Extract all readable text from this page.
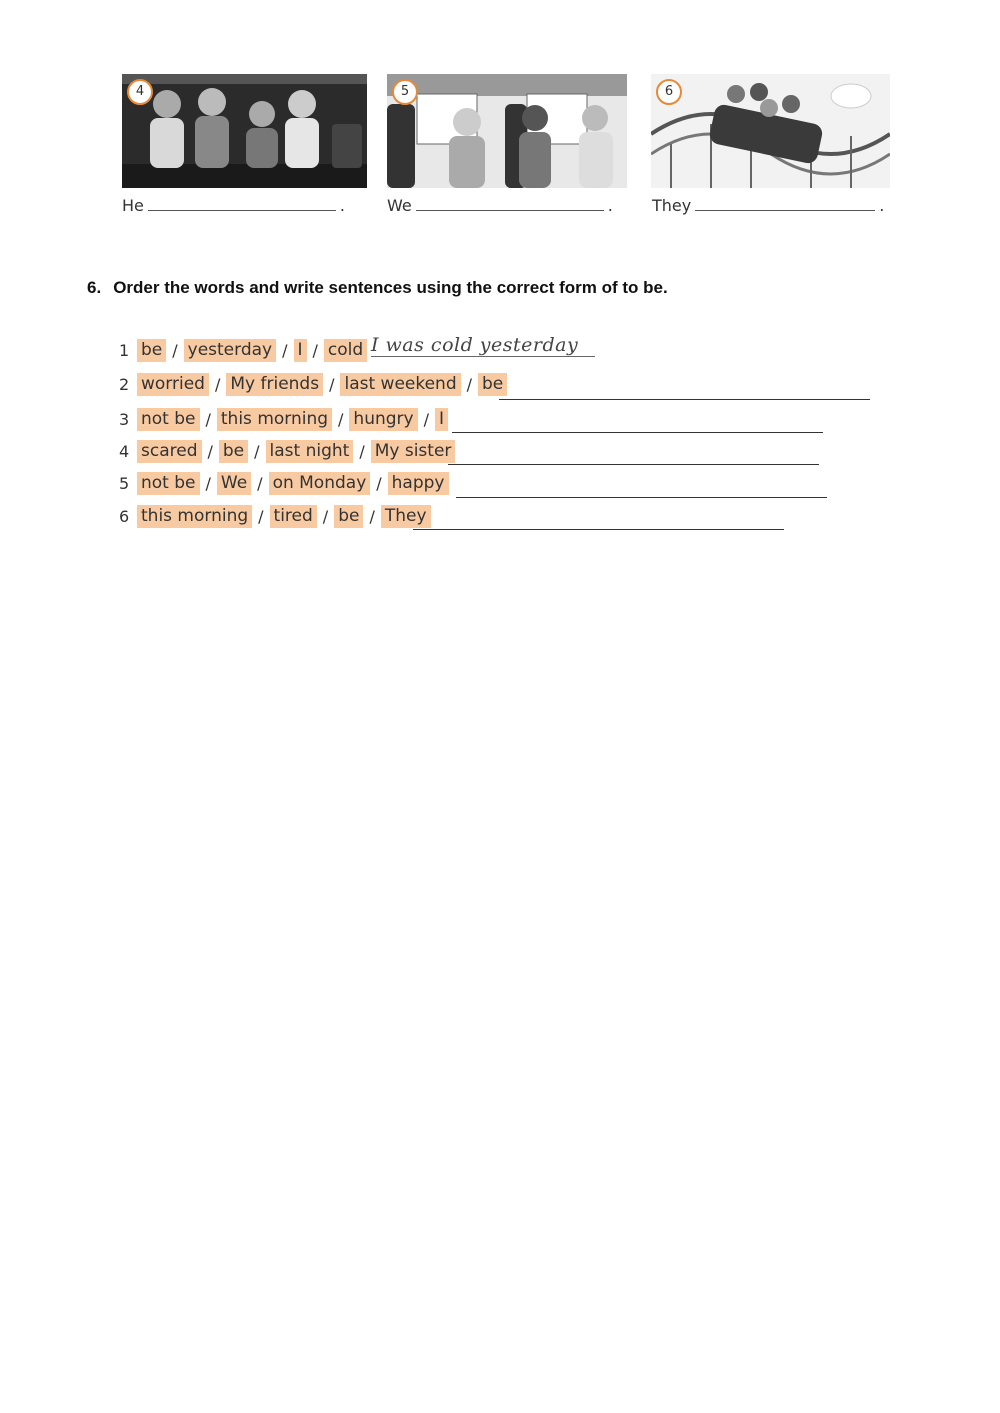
4
He	.
5
We	.
6
They	.
6. Order the words and write sentences using the correct form of to be.
1 be / yesterday / I / cold I was cold yesterday
2 worried / My friends / last weekend / be
3 not be / this morning / hungry / I
4 scared / be / last night / My sister
5 not be / We / on Monday / happy
6 this morning / tired / be / They
